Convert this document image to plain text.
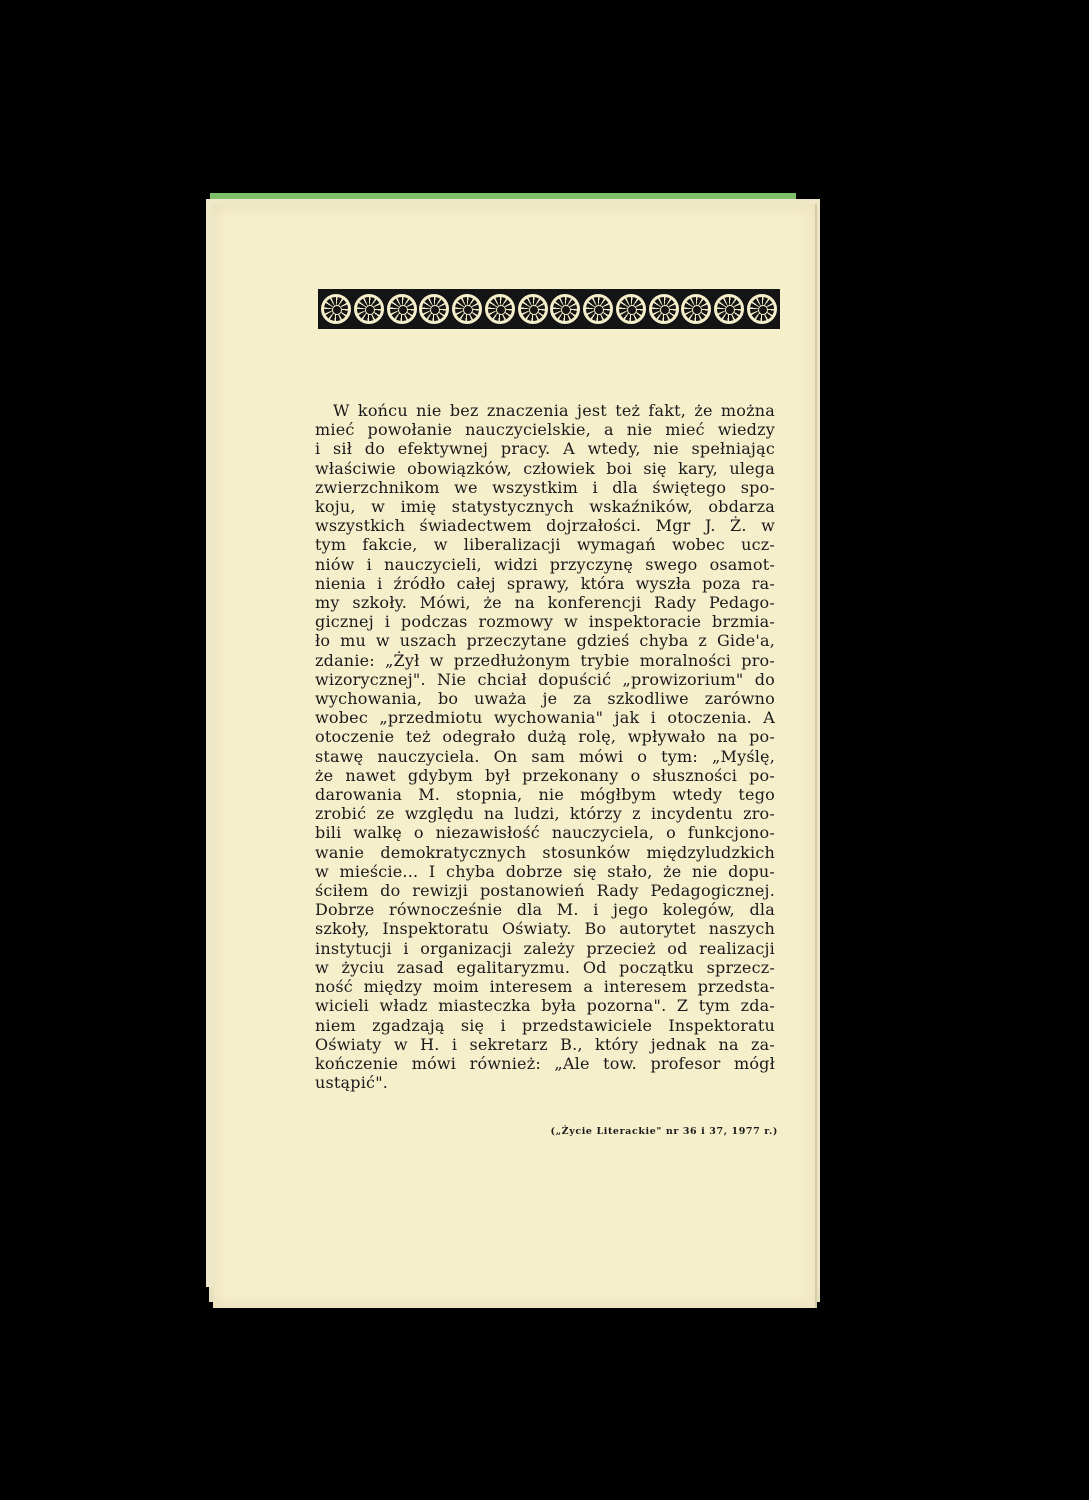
W końcu nie bez znaczenia jest też fakt, że można
mieć powołanie nauczycielskie, a nie mieć wiedzy
i sił do efektywnej pracy. A wtedy, nie spełniając
właściwie obowiązków, człowiek boi się kary, ulega
zwierzchnikom we wszystkim i dla świętego spo-
koju, w imię statystycznych wskaźników, obdarza
wszystkich świadectwem dojrzałości. Mgr J. Ż. w
tym fakcie, w liberalizacji wymagań wobec ucz-
niów i nauczycieli, widzi przyczynę swego osamot-
nienia i źródło całej sprawy, która wyszła poza ra-
my szkoły. Mówi, że na konferencji Rady Pedago-
gicznej i podczas rozmowy w inspektoracie brzmia-
ło mu w uszach przeczytane gdzieś chyba z Gide'a,
zdanie: „Żył w przedłużonym trybie moralności pro-
wizorycznej". Nie chciał dopuścić „prowizorium" do
wychowania, bo uważa je za szkodliwe zarówno
wobec „przedmiotu wychowania" jak i otoczenia. A
otoczenie też odegrało dużą rolę, wpływało na po-
stawę nauczyciela. On sam mówi o tym: „Myślę,
że nawet gdybym był przekonany o słuszności po-
darowania M. stopnia, nie mógłbym wtedy tego
zrobić ze względu na ludzi, którzy z incydentu zro-
bili walkę o niezawisłość nauczyciela, o funkcjono-
wanie demokratycznych stosunków międzyludzkich
w mieście... I chyba dobrze się stało, że nie dopu-
ściłem do rewizji postanowień Rady Pedagogicznej.
Dobrze równocześnie dla M. i jego kolegów, dla
szkoły, Inspektoratu Oświaty. Bo autorytet naszych
instytucji i organizacji zależy przecież od realizacji
w życiu zasad egalitaryzmu. Od początku sprzecz-
ność między moim interesem a interesem przedsta-
wicieli władz miasteczka była pozorna". Z tym zda-
niem zgadzają się i przedstawiciele Inspektoratu
Oświaty w H. i sekretarz B., który jednak na za-
kończenie mówi również: „Ale tow. profesor mógł
ustąpić".

(„Życie Literackie" nr 36 i 37, 1977 r.)
